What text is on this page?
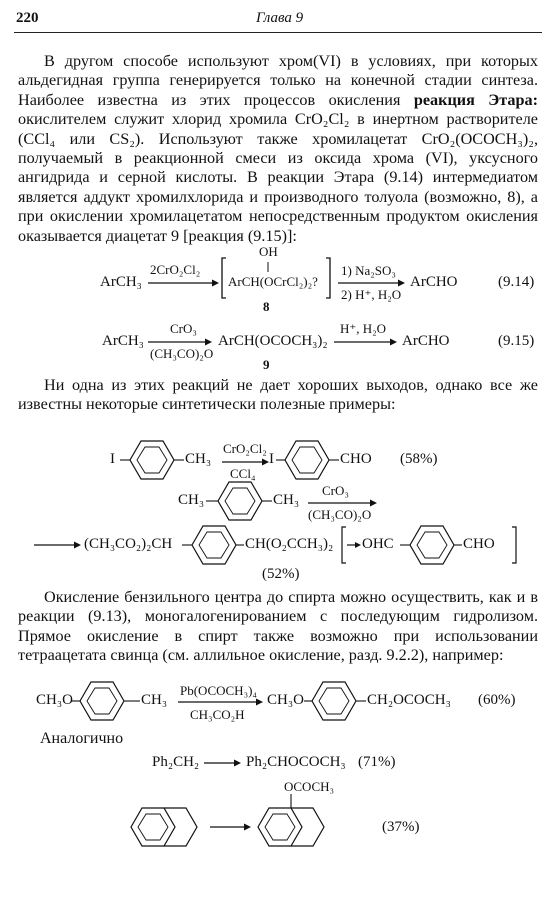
220	Глава 9
В другом способе используют хром(VI) в условиях, при которых альдегидная группа генерируется только на конечной стадии синтеза. Наиболее известна из этих процессов окисления реакция Этара: окислителем служит хлорид хромила CrO₂Cl₂ в инертном растворителе (CCl₄ или CS₂). Используют также хромилацетат CrO₂(OCOCH₃)₂, получаемый в реакционной смеси из оксида хрома (VI), уксусного ангидрида и серной кислоты. В реакции Этара (9.14) интермедиатом является аддукт хромилхлорида и производного толуола (возможно, 8), а при окислении хромилацетатом непосредственным продуктом окисления оказывается диацетат 9 [реакция (9.15)]:
ArCH₃
2CrO₂Cl₂
OH
ArCH(OCrCl₂)₂?
1) Na₂SO₃
2) H⁺, H₂O
ArCHO	(9.14)
8
ArCH₃
CrO₃
(CH₃CO)₂O
ArCH(OCOCH₃)₂
H⁺, H₂O
ArCHO	(9.15)
9
Ни одна из этих реакций не дает хороших выходов, однако все же известны некоторые синтетически полезные примеры:
I	CH₃
CrO₂Cl₂
CCl₄
I	CHO (58%)
CH₃	CH₃
CrO₃
(CH₃CO)₂O
(CH₃CO₂)₂CH	CH(O₂CCH₃)₂ OHC	CHO
(52%)
Окисление бензильного центра до спирта можно осуществить, как и в реакции (9.13), моногалогенированием с последующим гидролизом. Прямое окисление в спирт также возможно при использовании тетраацетата свинца (см. аллильное окисление, разд. 9.2.2), например:
CH₃O	CH₃
Pb(OCOCH₃)₄
CH₃CO₂H
CH₃O	CH₂OCOCH₃ (60%)
Аналогично
Ph₂CH₂	Ph₂CHOCOCH₃ (71%)
OCOCH₃
(37%)
